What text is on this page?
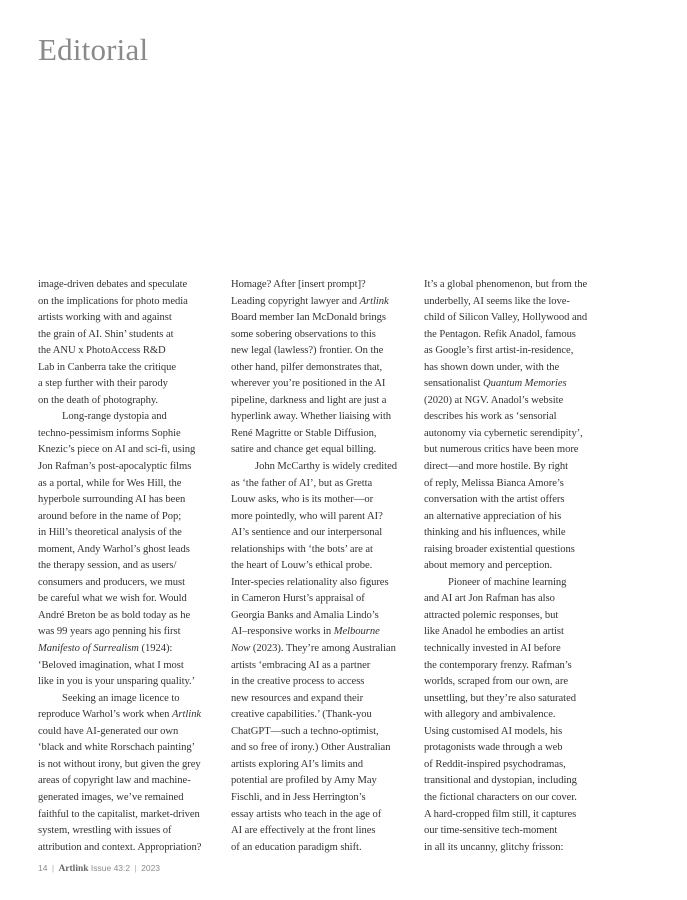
Editorial
image-driven debates and speculate
on the implications for photo media
artists working with and against
the grain of AI. Shin’ students at
the ANU x PhotoAccess R&D
Lab in Canberra take the critique
a step further with their parody
on the death of photography.
Long-range dystopia and
techno-pessimism informs Sophie
Knezic’s piece on AI and sci-fi, using
Jon Rafman’s post-apocalyptic films
as a portal, while for Wes Hill, the
hyperbole surrounding AI has been
around before in the name of Pop;
in Hill’s theoretical analysis of the
moment, Andy Warhol’s ghost leads
the therapy session, and as users/
consumers and producers, we must
be careful what we wish for. Would
André Breton be as bold today as he
was 99 years ago penning his first
Manifesto of Surrealism (1924):
‘Beloved imagination, what I most
like in you is your unsparing quality.’
Seeking an image licence to
reproduce Warhol’s work when Artlink
could have AI-generated our own
‘black and white Rorschach painting’
is not without irony, but given the grey
areas of copyright law and machine-
generated images, we’ve remained
faithful to the capitalist, market-driven
system, wrestling with issues of
attribution and context. Appropriation?
Homage? After [insert prompt]?
Leading copyright lawyer and Artlink
Board member Ian McDonald brings
some sobering observations to this
new legal (lawless?) frontier. On the
other hand, pilfer demonstrates that,
wherever you’re positioned in the AI
pipeline, darkness and light are just a
hyperlink away. Whether liaising with
René Magritte or Stable Diffusion,
satire and chance get equal billing.
John McCarthy is widely credited
as ‘the father of AI’, but as Gretta
Louw asks, who is its mother—or
more pointedly, who will parent AI?
AI’s sentience and our interpersonal
relationships with ‘the bots’ are at
the heart of Louw’s ethical probe.
Inter-species relationality also figures
in Cameron Hurst’s appraisal of
Georgia Banks and Amalia Lindo’s
AI–responsive works in Melbourne
Now (2023). They’re among Australian
artists ‘embracing AI as a partner
in the creative process to access
new resources and expand their
creative capabilities.’ (Thank-you
ChatGPT—such a techno-optimist,
and so free of irony.) Other Australian
artists exploring AI’s limits and
potential are profiled by Amy May
Fischli, and in Jess Herrington’s
essay artists who teach in the age of
AI are effectively at the front lines
of an education paradigm shift.
It’s a global phenomenon, but from the
underbelly, AI seems like the love-
child of Silicon Valley, Hollywood and
the Pentagon. Refik Anadol, famous
as Google’s first artist-in-residence,
has shown down under, with the
sensationalist Quantum Memories
(2020) at NGV. Anadol’s website
describes his work as ‘sensorial
autonomy via cybernetic serendipity’,
but numerous critics have been more
direct—and more hostile. By right
of reply, Melissa Bianca Amore’s
conversation with the artist offers
an alternative appreciation of his
thinking and his influences, while
raising broader existential questions
about memory and perception.
Pioneer of machine learning
and AI art Jon Rafman has also
attracted polemic responses, but
like Anadol he embodies an artist
technically invested in AI before
the contemporary frenzy. Rafman’s
worlds, scraped from our own, are
unsettling, but they’re also saturated
with allegory and ambivalence.
Using customised AI models, his
protagonists wade through a web
of Reddit-inspired psychodramas,
transitional and dystopian, including
the fictional characters on our cover.
A hard-cropped film still, it captures
our time-sensitive tech-moment
in all its uncanny, glitchy frisson:
14 | Artlink Issue 43:2 | 2023
